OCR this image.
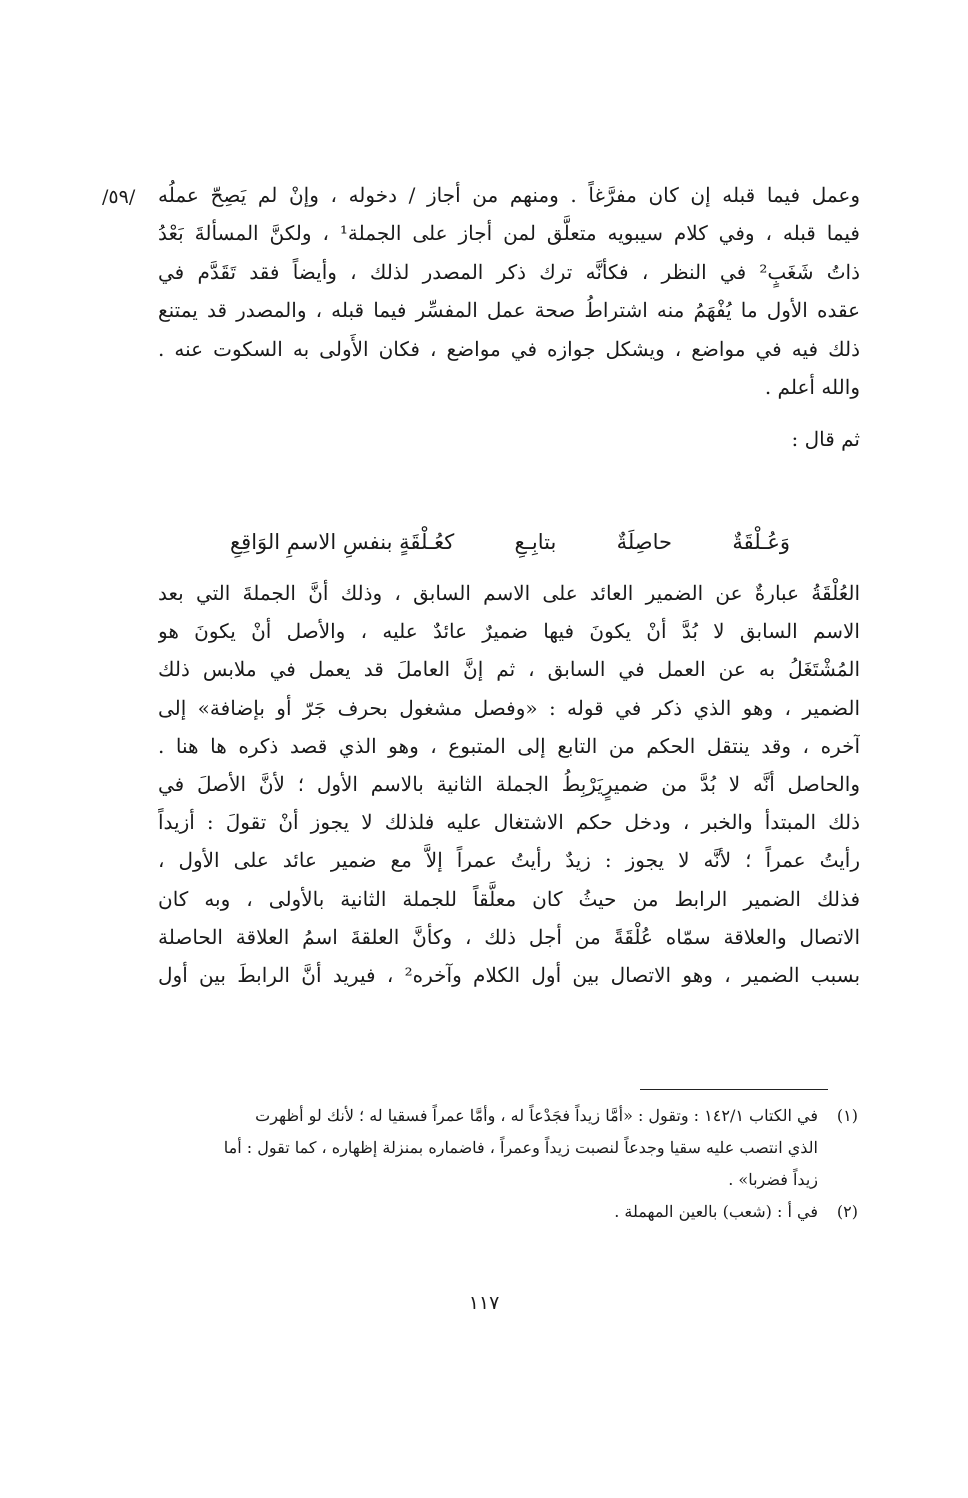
/٥٩/ وعمل فيما قبله إن كان مفرَّغاً . ومنهم من أجاز / دخوله ، وإنْ لم يَصِحّ عملُه
فيما قبله ، وفي كلام سيبويه متعلَّق لمن أجاز على الجملة¹ ، ولكنَّ المسألةَ بَعْدُ
ذاتُ شَغَبٍ² في النظر ، فكأنَّه ترك ذكر المصدر لذلك ، وأيضاً فقد تَقَدَّم في
عقده الأول ما يُفْهَمُ منه اشتراطُ صحة عمل المفسِّر فيما قبله ، والمصدر قد يمتنع
ذلك فيه في مواضع ، ويشكل جوازه في مواضع ، فكان الأَولى به السكوت عنه .
والله أعلم .
ثم قال :
وَعُـلْقَةٌ
حاصِلَةٌ
بتابِـعِ
كعُـلْقَةٍ بنفسِ الاسمِ الوَاقِعِ
العُلْقَةُ عبارةٌ عن الضمير العائد على الاسم السابق ، وذلك أنَّ الجملةَ التي بعد
الاسم السابق لا بُدَّ أنْ يكونَ فيها ضميرٌ عائدٌ عليه ، والأصل أنْ يكونَ هو
المُشْتَغَلُ به عن العمل في السابق ، ثم إنَّ العاملَ قد يعمل في ملابس ذلك
الضمير ، وهو الذي ذكر في قوله : «وفصل مشغول بحرف جَرّ أو بإضافة» إلى
آخره ، وقد ينتقل الحكم من التابع إلى المتبوع ، وهو الذي قصد ذكره ها هنا .
والحاصل أنَّه لا بُدَّ من ضميرٍيَرْبِطُ الجملة الثانية بالاسم الأول ؛ لأنَّ الأصلَ في
ذلك المبتدأ والخبر ، ودخل حكم الاشتغال عليه فلذلك لا يجوز أنْ تقولَ : أزيداً
رأيتُ عمراً ؛ لأنَّه لا يجوز : زيدٌ رأيتُ عمراً إلاَّ مع ضمير عائد على الأول ،
فذلك الضمير الرابط من حيثُ كان معلَّقاً للجملة الثانية بالأولى ، وبه كان
الاتصال والعلاقة سمّاه عُلْقَةً من أجل ذلك ، وكأنَّ العلقةَ اسمُ العلاقة الحاصلة
بسبب الضمير ، وهو الاتصال بين أول الكلام وآخره² ، فيريد أنَّ الرابطَ بين أول
(١)
في الكتاب ١٤٢/١ : وتقول : «أمَّا زيداً فجَدْعاً له ، وأمَّا عمراً فسقيا له ؛ لأنك لو أظهرت
الذي انتصب عليه سقيا وجدعاً لنصبت زيداً وعمراً ، فاضماره بمنزلة إظهاره ، كما تقول : أما
زيداً فضربا» .
(٢)
في أ : (شعب) بالعين المهملة .
١١٧
